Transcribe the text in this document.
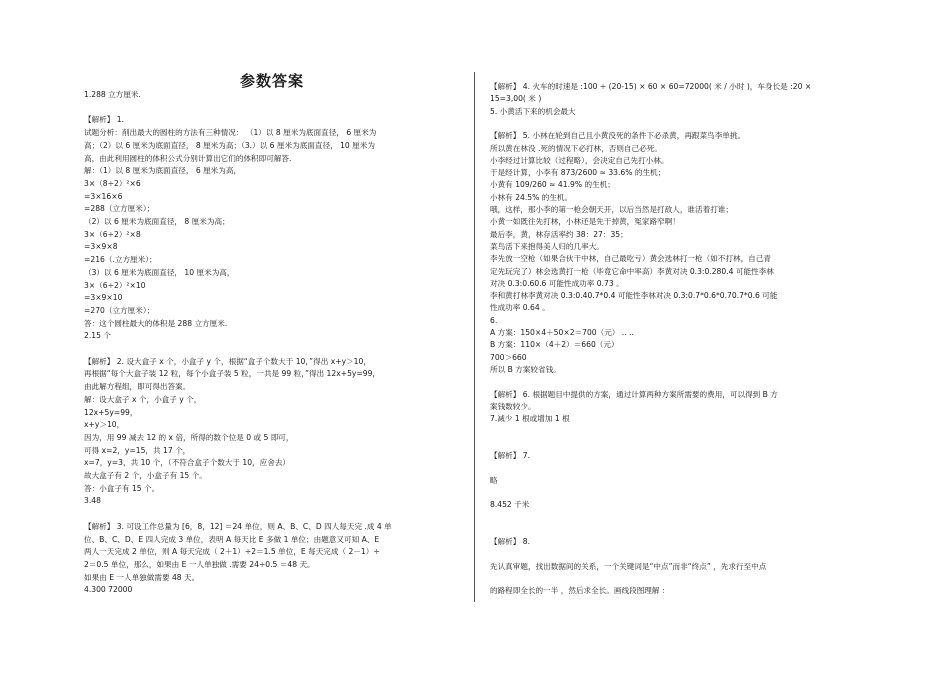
参数答案
1.288 立方厘米.
【解析】 1.
试题分析：削出最大的圆柱的方法有三种情况： （1）以 8 厘米为底面直径， 6 厘米为
高；（2）以 6 厘米为底面直径， 8 厘米为高；（3.）以 6 厘米为底面直径， 10 厘米为
高，由此利用圆柱的体积公式分别计算出它们的体积即可解答.
解：（1）以 8 厘米为底面直径， 6 厘米为高，
3×（8÷2）²×6
=3×16×6
=288（立方厘米）；
（2）以 6 厘米为底面直径， 8 厘米为高；
3×（6÷2）²×8
=3×9×8
=216（.立方厘米）；
（3）以 6 厘米为底面直径， 10 厘米为高，
3×（6÷2）²×10
=3×9×10
=270（立方厘米）；
答：这个圆柱最大的体积是 288 立方厘米.
2.15 个
【解析】 2. 设大盒子 x 个，小盒子 y 个，根据“盒子个数大于 10，”得出 x+y＞10，
再根据“每个大盒子装 12 粒，每个小盒子装 5 粒，一共是 99 粒，”得出 12x+5y=99，
由此解方程组，即可得出答案。
解：设大盒子 x 个，小盒子 y 个，
12x+5y=99，
x+y＞10，
因为，用 99 减去 12 的 x 倍，所得的数个位是 0 或 5 即可，
可得 x=2，y=15，共 17 个，
x=7，y=3，共 10 个，（不符合盒子个数大于 10，应舍去）
故大盒子有 2 个，小盒子有 15 个。
答：小盒子有 15 个。
3.48
【解析】 3. 可设工作总量为 [6，8，12] ＝24 单位，则 A、B、C、D 四人每天完 .成 4 单
位、B、C、D、E 四人完成 3 单位，表明 A 每天比 E 多做 1 单位；由题意又可知 A、E
两人一天完成 2 单位，则 A 每天完成（ 2＋1）÷2＝1.5 单位，E 每天完成（ 2－1）÷
2＝0.5 单位，那么，如果由 E 一人单独做 .需要 24÷0.5 ＝48 天。
如果由 E 一人单独做需要 48 天。
4.300 72000
【解析】 4. 火车的时速是 :100 ÷ (20-15) × 60 × 60=72000( 米 / 小时 )，车身长是 :20 ×
15=3,00( 米 )
5. 小黄活下来的机会最大
【解析】 5. 小林在轮到自己且小黄没死的条件下必杀黄，再跟菜鸟李单挑。
所以黄在林没 .死的情况下必打林，否则自己必死。
小李经过计算比较（过程略），会决定自己先打小林。
于是经计算，小李有 873/2600 ≈ 33.6% 的生机；
小黄有 109/260 ≈ 41.9% 的生机；
小林有 24.5% 的生机。
哦，这样，那小李的第一枪会朝天开，以后当然是打敌人，谁活着打谁；
小黄一如既往先打林，小林还是先干掉黄，冤家路窄啊！
最后李，黄，林存活率约 38：27：35；
菜鸟活下来抱得美人归的几率大。
李先放一空枪（如果合伙干中林，自己最吃亏）黄会选林打一枪（如不打林，自己青
定先玩完了）林会选黄打一枪（毕竟它命中率高）李黄对决 0.3:0.280.4 可能性李林
对决 0.3:0.60.6 可能性成功率 0.73 。
李和黄打林李黄对决 0.3:0.40.7*0.4 可能性李林对决 0.3:0.7*0.6*0.70.7*0.6 可能
性成功率 0.64 。
6.
A 方案：150×4＋50×2＝700（元） .. ..
B 方案：110×（4＋2）＝660（元）
700＞660
所以 B 方案较省钱。
【解析】 6. 根据题目中提供的方案，通过计算两种方案所需要的费用，可以得到 B 方
案钱数较少。
7.减少 1 根或增加 1 根
【解析】 7.
略
8.452 千米
【解析】 8.
先认真审题，找出数据间的关系，一个关键词是“中点”而非“终点” ，先求行至中点
的路程即全长的一半 ，然后求全长。画线段图理解 ：
